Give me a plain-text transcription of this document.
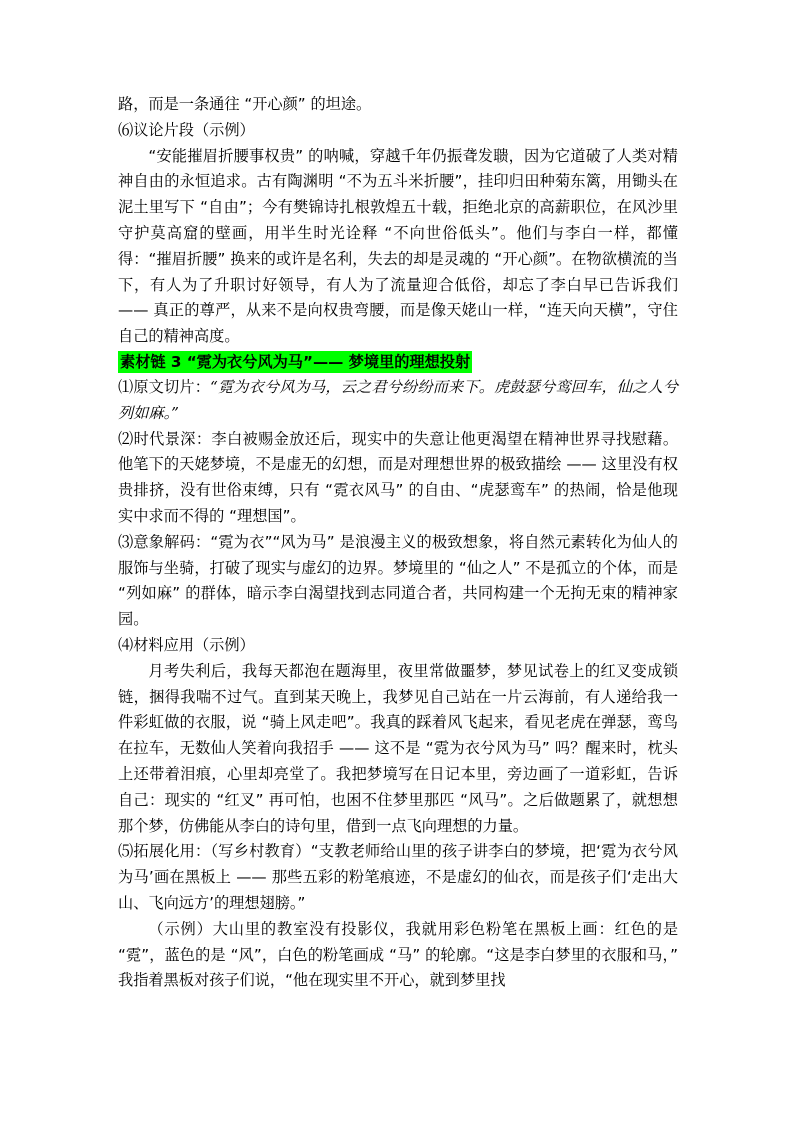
路，而是一条通往 “开心颜” 的坦途。

⑹议论片段（示例）

“安能摧眉折腰事权贵” 的呐喊，穿越千年仍振聋发聩，因为它道破了人类对精神自由的永恒追求。古有陶渊明 “不为五斗米折腰”，挂印归田种菊东篱，用锄头在泥土里写下 “自由”；今有樊锦诗扎根敦煌五十载，拒绝北京的高薪职位，在风沙里守护莫高窟的壁画，用半生时光诠释 “不向世俗低头”。他们与李白一样，都懂得：“摧眉折腰” 换来的或许是名利，失去的却是灵魂的 “开心颜”。在物欲横流的当下，有人为了升职讨好领导，有人为了流量迎合低俗，却忘了李白早已告诉我们 —— 真正的尊严，从来不是向权贵弯腰，而是像天姥山一样，“连天向天横”，守住自己的精神高度。

素材链 3 “霓为衣兮风为马”—— 梦境里的理想投射

⑴原文切片：“霓为衣兮风为马，云之君兮纷纷而来下。虎鼓瑟兮鸾回车，仙之人兮列如麻。”

⑵时代景深：李白被赐金放还后，现实中的失意让他更渴望在精神世界寻找慰藉。他笔下的天姥梦境，不是虚无的幻想，而是对理想世界的极致描绘 —— 这里没有权贵排挤，没有世俗束缚，只有 “霓衣风马” 的自由、“虎瑟鸾车” 的热闹，恰是他现实中求而不得的 “理想国”。

⑶意象解码：“霓为衣”“风为马” 是浪漫主义的极致想象，将自然元素转化为仙人的服饰与坐骑，打破了现实与虚幻的边界。梦境里的 “仙之人” 不是孤立的个体，而是 “列如麻” 的群体，暗示李白渴望找到志同道合者，共同构建一个无拘无束的精神家园。

⑷材料应用（示例）

月考失利后，我每天都泡在题海里，夜里常做噩梦，梦见试卷上的红叉变成锁链，捆得我喘不过气。直到某天晚上，我梦见自己站在一片云海前，有人递给我一件彩虹做的衣服，说 “骑上风走吧”。我真的踩着风飞起来，看见老虎在弹瑟，鸾鸟在拉车，无数仙人笑着向我招手 —— 这不是 “霓为衣兮风为马” 吗？醒来时，枕头上还带着泪痕，心里却亮堂了。我把梦境写在日记本里，旁边画了一道彩虹，告诉自己：现实的 “红叉” 再可怕，也困不住梦里那匹 “风马”。之后做题累了，就想想那个梦，仿佛能从李白的诗句里，借到一点飞向理想的力量。

⑸拓展化用：（写乡村教育）“支教老师给山里的孩子讲李白的梦境，把‘霓为衣兮风为马’画在黑板上 —— 那些五彩的粉笔痕迹，不是虚幻的仙衣，而是孩子们‘走出大山、飞向远方’的理想翅膀。”

（示例）大山里的教室没有投影仪，我就用彩色粉笔在黑板上画：红色的是 “霓”，蓝色的是 “风”，白色的粉笔画成 “马” 的轮廓。“这是李白梦里的衣服和马，” 我指着黑板对孩子们说，“他在现实里不开心，就到梦里找
